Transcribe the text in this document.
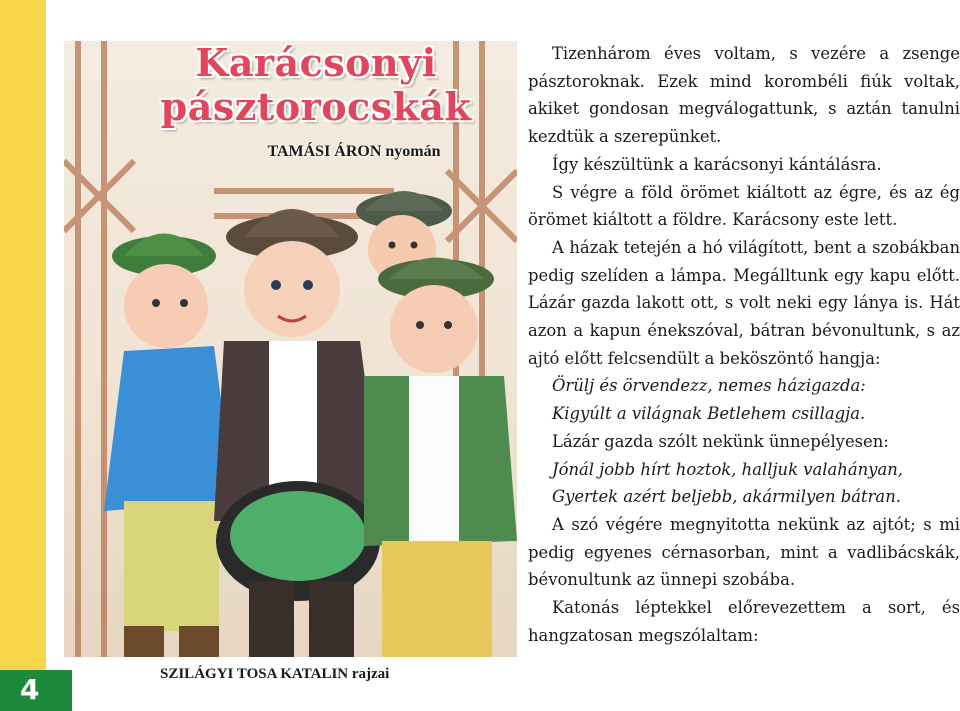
4
Karácsonyi
pásztorocskák
TAMÁSI ÁRON nyomán
SZILÁGYI TOSA KATALIN rajzai

Tizenhárom éves voltam, s vezére a zsenge pásztoroknak. Ezek mind korombéli fiúk voltak, akiket gondosan megválogattunk, s aztán tanulni kezdtük a szerepünket.

Így készültünk a karácsonyi kántálásra.

S végre a föld örömet kiáltott az égre, és az ég örömet kiáltott a földre. Karácsony este lett.

A házak tetején a hó világított, bent a szobákban pedig szelíden a lámpa. Megálltunk egy kapu előtt. Lázár gazda lakott ott, s volt neki egy lánya is. Hát azon a kapun énekszóval, bátran bévonultunk, s az ajtó előtt felcsendült a beköszöntő hangja:

Örülj és örvendezz, nemes házigazda:

Kigyúlt a világnak Betlehem csillagja.

Lázár gazda szólt nekünk ünnepélyesen:

Jónál jobb hírt hoztok, halljuk valahányan,

Gyertek azért beljebb, akármilyen bátran.

A szó végére megnyitotta nekünk az ajtót; s mi pedig egyenes cérnasorban, mint a vadlibácskák, bévonultunk az ünnepi szobába.

Katonás léptekkel előrevezettem a sort, és hangzatosan megszólaltam:
